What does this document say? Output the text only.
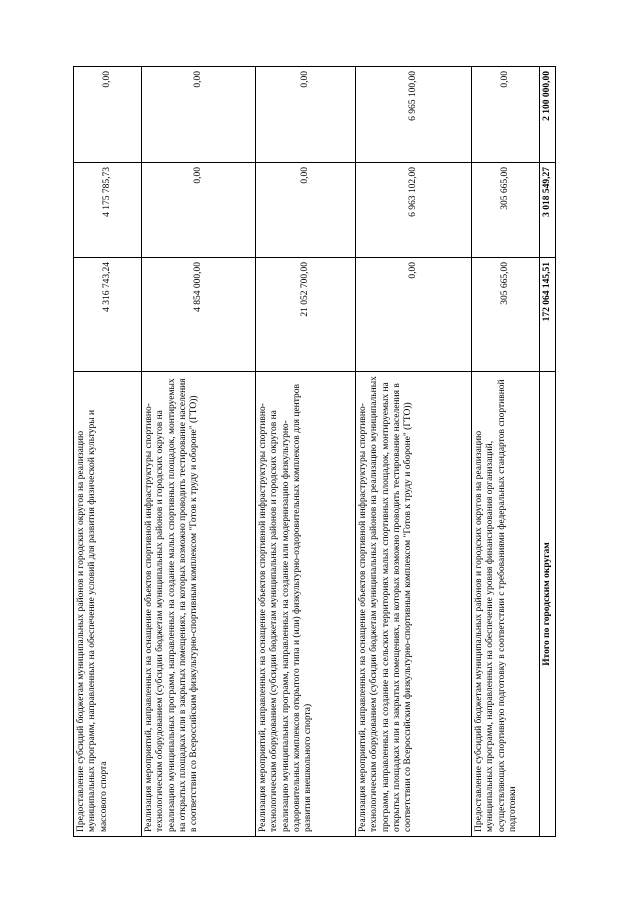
Предоставление субсидий бюджетам муниципальных районов и городских округов на реализацию муниципальных программ, направленных на обеспечение условий для развития физической культуры и массового спорта	4 316 743,24	4 175 785,73	0,00
Реализация мероприятий, направленных на оснащение объектов спортивной инфраструктуры спортивно-технологическим оборудованием (субсидии бюджетам муниципальных районов и городских округов на реализацию муниципальных программ, направленных на создание малых спортивных площадок, монтируемых на открытых площадках или в закрытых помещениях, на которых возможно проводить тестирование населения в соответствии со Всероссийским физкультурно-спортивным комплексом "Готов к труду и обороне" (ГТО))	4 854 000,00	0,00	0,00
Реализация мероприятий, направленных на оснащение объектов спортивной инфраструктуры спортивно-технологическим оборудованием (субсидии бюджетам муниципальных районов и городских округов на реализацию муниципальных программ, направленных на создание или модернизацию физкультурно-оздоровительных комплексов открытого типа и (или) физкультурно-оздоровительных комплексов для центров развития внешкольного спорта)	21 052 700,00	0,00	0,00
Реализация мероприятий, направленных на оснащение объектов спортивной инфраструктуры спортивно-технологическим оборудованием (субсидии бюджетам муниципальных районов на реализацию муниципальных программ, направленных на создание на сельских территориях малых спортивных площадок, монтируемых на открытых площадках или в закрытых помещениях, на которых возможно проводить тестирование населения в соответствии со Всероссийским физкультурно-спортивным комплексом "Готов к труду и обороне" (ГТО))	0,00	6 963 102,00	6 965 100,00
Предоставление субсидий бюджетам муниципальных районов и городских округов на реализацию муниципальных программ, направленных на обеспечение уровня финансирования организаций, осуществляющих спортивную подготовку в соответствии с требованиями федеральных стандартов спортивной подготовки	305 665,00	305 665,00	0,00
Итого по городским округам	172 064 145,51	3 018 549,27	2 100 000,00
